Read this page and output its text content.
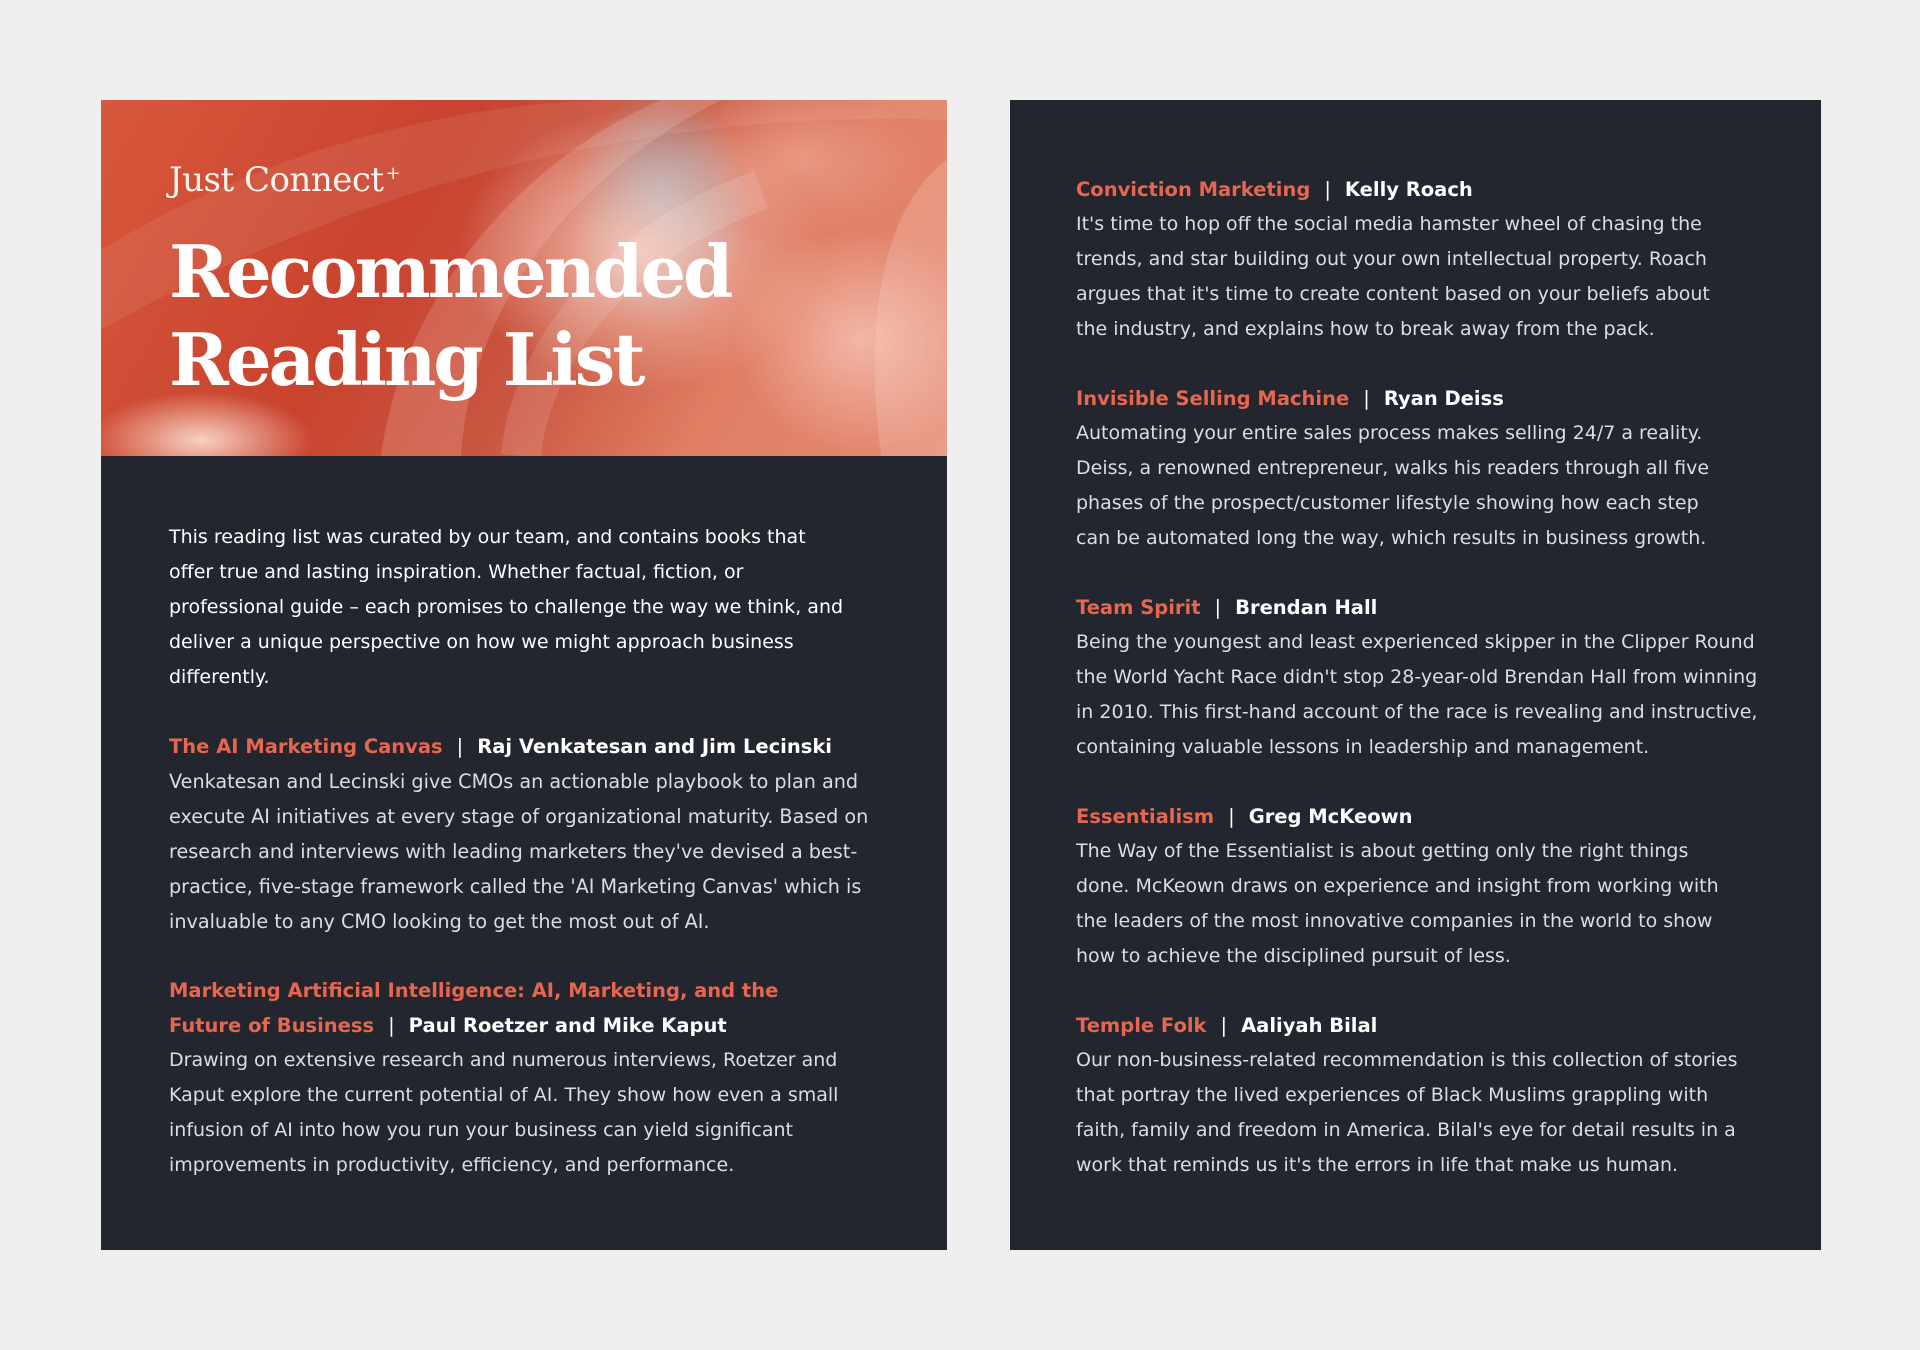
Just Connect +
Recommended
Reading List

This reading list was curated by our team, and contains books that offer true and lasting inspiration. Whether factual, fiction, or professional guide – each promises to challenge the way we think, and deliver a unique perspective on how we might approach business differently.

The AI Marketing Canvas | Raj Venkatesan and Jim Lecinski

Venkatesan and Lecinski give CMOs an actionable playbook to plan and execute AI initiatives at every stage of organizational maturity. Based on research and interviews with leading marketers they've devised a best-practice, five-stage framework called the 'AI Marketing Canvas' which is invaluable to any CMO looking to get the most out of AI.

Marketing Artificial Intelligence: AI, Marketing, and the Future of Business | Paul Roetzer and Mike Kaput

Drawing on extensive research and numerous interviews, Roetzer and Kaput explore the current potential of AI. They show how even a small infusion of AI into how you run your business can yield significant improvements in productivity, efficiency, and performance.

Conviction Marketing | Kelly Roach

It's time to hop off the social media hamster wheel of chasing the trends, and star building out your own intellectual property. Roach argues that it's time to create content based on your beliefs about the industry, and explains how to break away from the pack.

Invisible Selling Machine | Ryan Deiss

Automating your entire sales process makes selling 24/7 a reality. Deiss, a renowned entrepreneur, walks his readers through all five phases of the prospect/customer lifestyle showing how each step can be automated long the way, which results in business growth.

Team Spirit | Brendan Hall

Being the youngest and least experienced skipper in the Clipper Round the World Yacht Race didn't stop 28-year-old Brendan Hall from winning in 2010. This first-hand account of the race is revealing and instructive, containing valuable lessons in leadership and management.

Essentialism | Greg McKeown

The Way of the Essentialist is about getting only the right things done. McKeown draws on experience and insight from working with the leaders of the most innovative companies in the world to show how to achieve the disciplined pursuit of less.

Temple Folk | Aaliyah Bilal

Our non-business-related recommendation is this collection of stories that portray the lived experiences of Black Muslims grappling with faith, family and freedom in America. Bilal's eye for detail results in a work that reminds us it's the errors in life that make us human.
